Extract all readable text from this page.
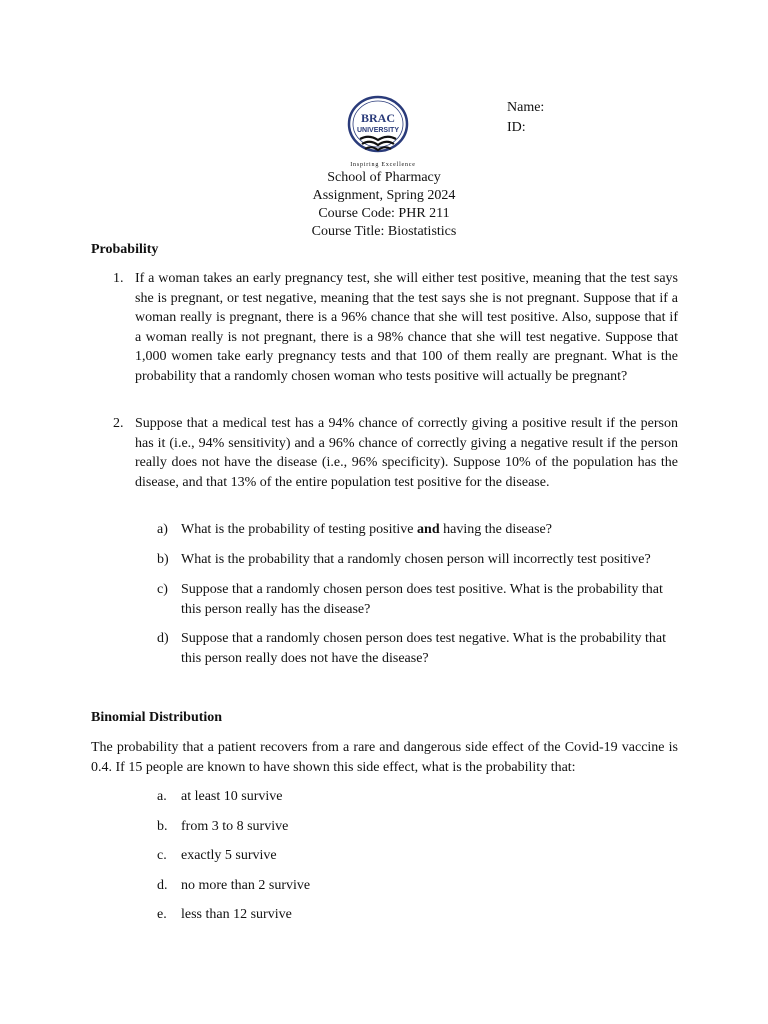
BRAC
UNIVERSITY
Inspiring Excellence
Name:
ID:
School of Pharmacy
Assignment, Spring 2024
Course Code: PHR 211
Course Title: Biostatistics
Probability
1. If a woman takes an early pregnancy test, she will either test positive, meaning that the test says she is pregnant, or test negative, meaning that the test says she is not pregnant. Suppose that if a woman really is pregnant, there is a 96% chance that she will test positive. Also, suppose that if a woman really is not pregnant, there is a 98% chance that she will test negative. Suppose that 1,000 women take early pregnancy tests and that 100 of them really are pregnant. What is the probability that a randomly chosen woman who tests positive will actually be pregnant?
2. Suppose that a medical test has a 94% chance of correctly giving a positive result if the person has it (i.e., 94% sensitivity) and a 96% chance of correctly giving a negative result if the person really does not have the disease (i.e., 96% specificity). Suppose 10% of the population has the disease, and that 13% of the entire population test positive for the disease.
a) What is the probability of testing positive and having the disease?
b) What is the probability that a randomly chosen person will incorrectly test positive?
c) Suppose that a randomly chosen person does test positive. What is the probability that this person really has the disease?
d) Suppose that a randomly chosen person does test negative. What is the probability that this person really does not have the disease?
Binomial Distribution
The probability that a patient recovers from a rare and dangerous side effect of the Covid-19 vaccine is 0.4. If 15 people are known to have shown this side effect, what is the probability that:
a. at least 10 survive
b. from 3 to 8 survive
c. exactly 5 survive
d. no more than 2 survive
e. less than 12 survive
